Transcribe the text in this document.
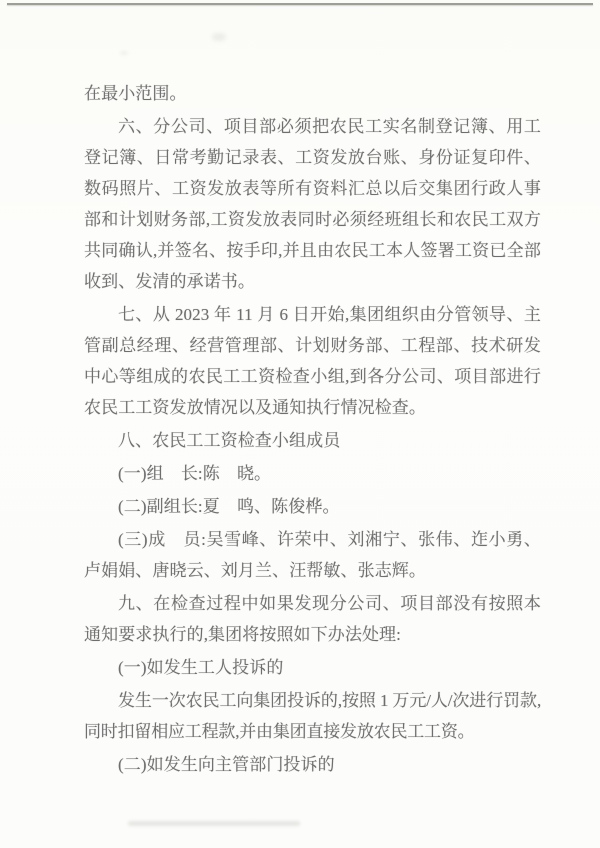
在最小范围。

六、分公司、项目部必须把农民工实名制登记簿、用工登记簿、日常考勤记录表、工资发放台账、身份证复印件、数码照片、工资发放表等所有资料汇总以后交集团行政人事部和计划财务部,工资发放表同时必须经班组长和农民工双方共同确认,并签名、按手印,并且由农民工本人签署工资已全部收到、发清的承诺书。

七、从 2023 年 11 月 6 日开始,集团组织由分管领导、主管副总经理、经营管理部、计划财务部、工程部、技术研发中心等组成的农民工工资检查小组,到各分公司、项目部进行农民工工资发放情况以及通知执行情况检查。

八、农民工工资检查小组成员

(一)组　长:陈　晓。

(二)副组长:夏　鸣、陈俊桦。

(三)成　员:吴雪峰、许荣中、刘湘宁、张伟、迮小勇、卢娟娟、唐晓云、刘月兰、汪帮敏、张志辉。

九、在检查过程中如果发现分公司、项目部没有按照本通知要求执行的,集团将按照如下办法处理:

(一)如发生工人投诉的

发生一次农民工向集团投诉的,按照 1 万元/人/次进行罚款,同时扣留相应工程款,并由集团直接发放农民工工资。

(二)如发生向主管部门投诉的
